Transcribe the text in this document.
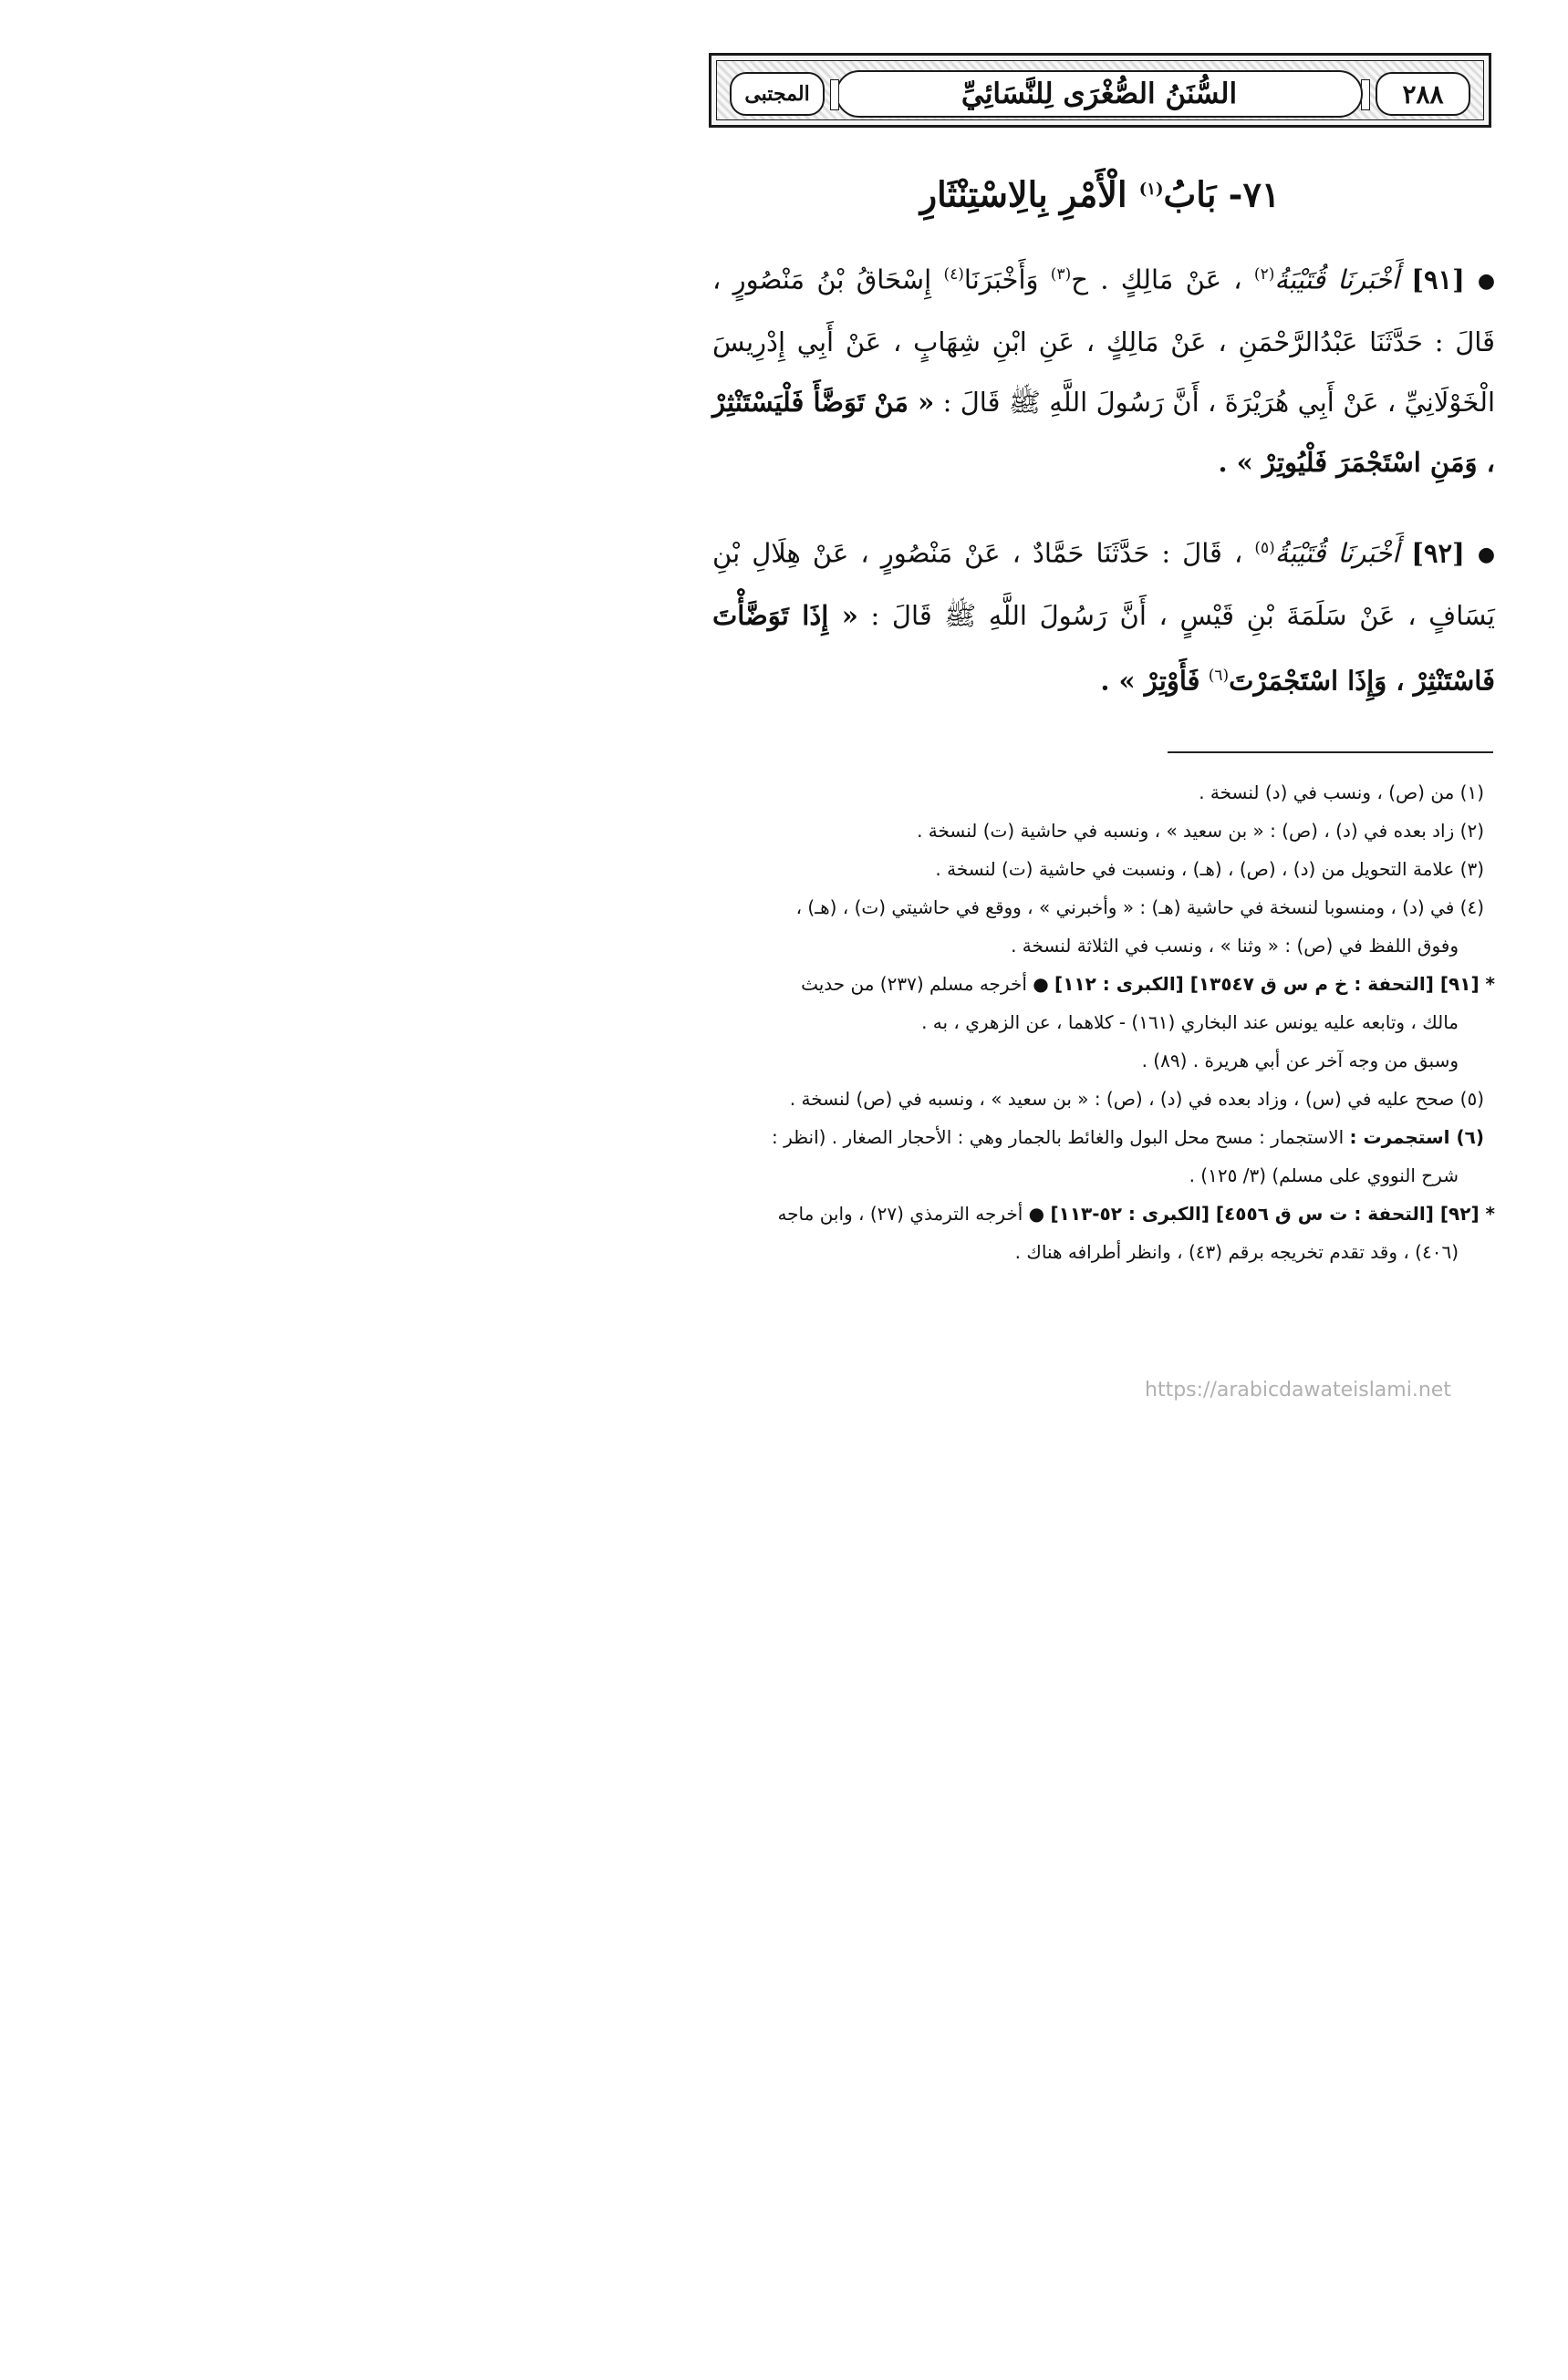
٢٨٨
السُّنَنُ الصُّغْرَى لِلنَّسَائِيِّ
المجتبى
٧١- بَابُ$^{(١)}$ الْأَمْرِ بِالِاسْتِنْثَارِ

●[٩١] أَخْبَرنَا قُتَيْبَةُ$^{(٢)}$ ، عَنْ مَالِكٍ . ح$^{(٣)}$ وَأَخْبَرَنَا$^{(٤)}$ إِسْحَاقُ بْنُ مَنْصُورٍ ، قَالَ : حَدَّثَنَا عَبْدُالرَّحْمَنِ ، عَنْ مَالِكٍ ، عَنِ ابْنِ شِهَابٍ ، عَنْ أَبِي إِدْرِيسَ الْخَوْلَانِيِّ ، عَنْ أَبِي هُرَيْرَةَ ، أَنَّ رَسُولَ اللَّهِ ﷺ قَالَ : « مَنْ تَوَضَّأَ فَلْيَسْتَنْثِرْ ، وَمَنِ اسْتَجْمَرَ فَلْيُوتِرْ » .

●[٩٢] أَخْبَرنَا قُتَيْبَةُ$^{(٥)}$ ، قَالَ : حَدَّثَنَا حَمَّادٌ ، عَنْ مَنْصُورٍ ، عَنْ هِلَالِ بْنِ يَسَافٍ ، عَنْ سَلَمَةَ بْنِ قَيْسٍ ، أَنَّ رَسُولَ اللَّهِ ﷺ قَالَ : « إِذَا تَوَضَّأْتَ فَاسْتَنْثِرْ ، وَإِذَا اسْتَجْمَرْتَ$^{(٦)}$ فَأَوْتِرْ » .

(١) من (ص) ، ونسب في (د) لنسخة .
(٢) زاد بعده في (د) ، (ص) : « بن سعيد » ، ونسبه في حاشية (ت) لنسخة .
(٣) علامة التحويل من (د) ، (ص) ، (هـ) ، ونسبت في حاشية (ت) لنسخة .
(٤) في (د) ، ومنسوبا لنسخة في حاشية (هـ) : « وأخبرني » ، ووقع في حاشيتي (ت) ، (هـ) ،
وفوق اللفظ في (ص) : « وثنا » ، ونسب في الثلاثة لنسخة .
* [٩١] [التحفة : خ م س ق ١٣٥٤٧] [الكبرى : ١١٢] ● أخرجه مسلم (٢٣٧) من حديث
مالك ، وتابعه عليه يونس عند البخاري (١٦١) - كلاهما ، عن الزهري ، به .
وسبق من وجه آخر عن أبي هريرة . (٨٩) .
(٥) صحح عليه في (س) ، وزاد بعده في (د) ، (ص) : « بن سعيد » ، ونسبه في (ص) لنسخة .
(٦) استجمرت : الاستجمار : مسح محل البول والغائط بالجمار وهي : الأحجار الصغار . (انظر :
شرح النووي على مسلم) (٣/ ١٢٥) .
* [٩٢] [التحفة : ت س ق ٤٥٥٦] [الكبرى : ٥٢-١١٣] ● أخرجه الترمذي (٢٧) ، وابن ماجه
(٤٠٦) ، وقد تقدم تخريجه برقم (٤٣) ، وانظر أطرافه هناك .
https://arabicdawateislami.net
